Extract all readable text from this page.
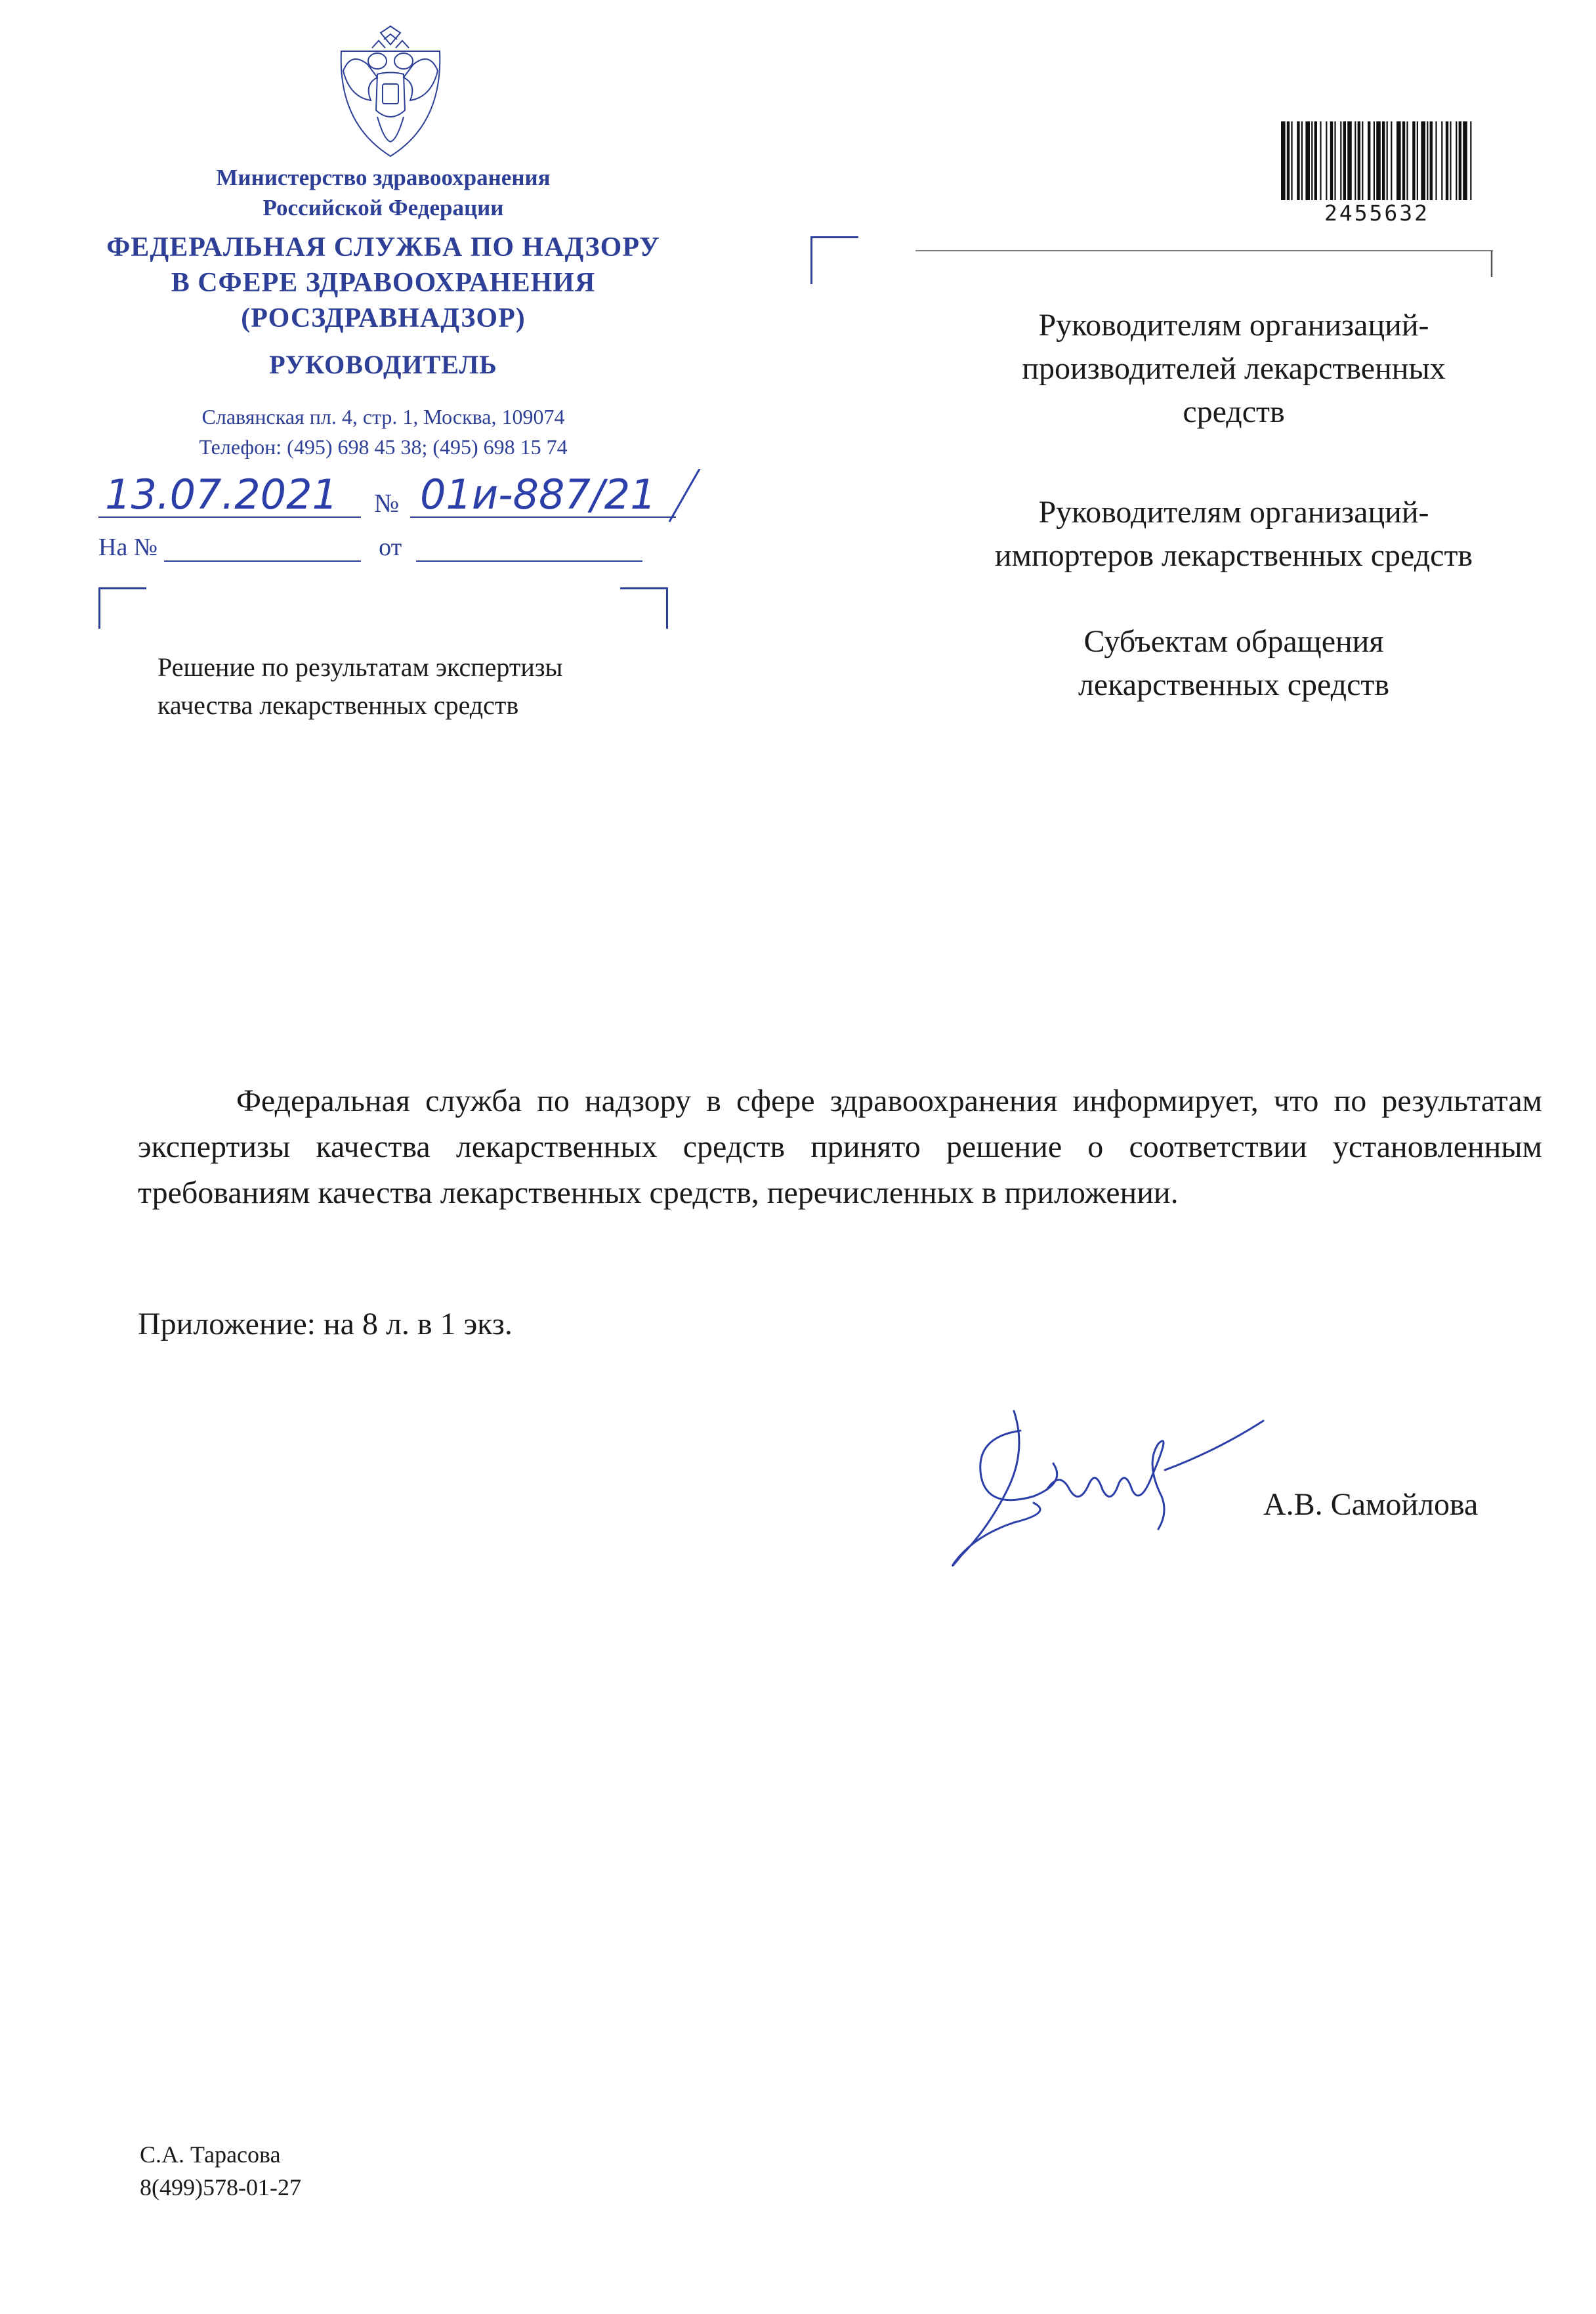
Министерство здравоохранения
Российской Федерации
ФЕДЕРАЛЬНАЯ СЛУЖБА ПО НАДЗОРУ
В СФЕРЕ ЗДРАВООХРАНЕНИЯ
(РОСЗДРАВНАДЗОР)
РУКОВОДИТЕЛЬ
Славянская пл. 4, стр. 1, Москва, 109074
Телефон: (495) 698 45 38; (495) 698 15 74
13.07.2021 № 01и-887/21
На №	от
Решение по результатам экспертизы
качества лекарственных средств
2455632
Руководителям организаций-
производителей лекарственных
средств
Руководителям организаций-
импортеров лекарственных средств
Субъектам обращения
лекарственных средств
Федеральная служба по надзору в сфере здравоохранения информирует, что по результатам экспертизы качества лекарственных средств принято решение о соответствии установленным требованиям качества лекарственных средств, перечисленных в приложении.
Приложение: на 8 л. в 1 экз.
А.В. Самойлова
С.А. Тарасова
8(499)578-01-27
